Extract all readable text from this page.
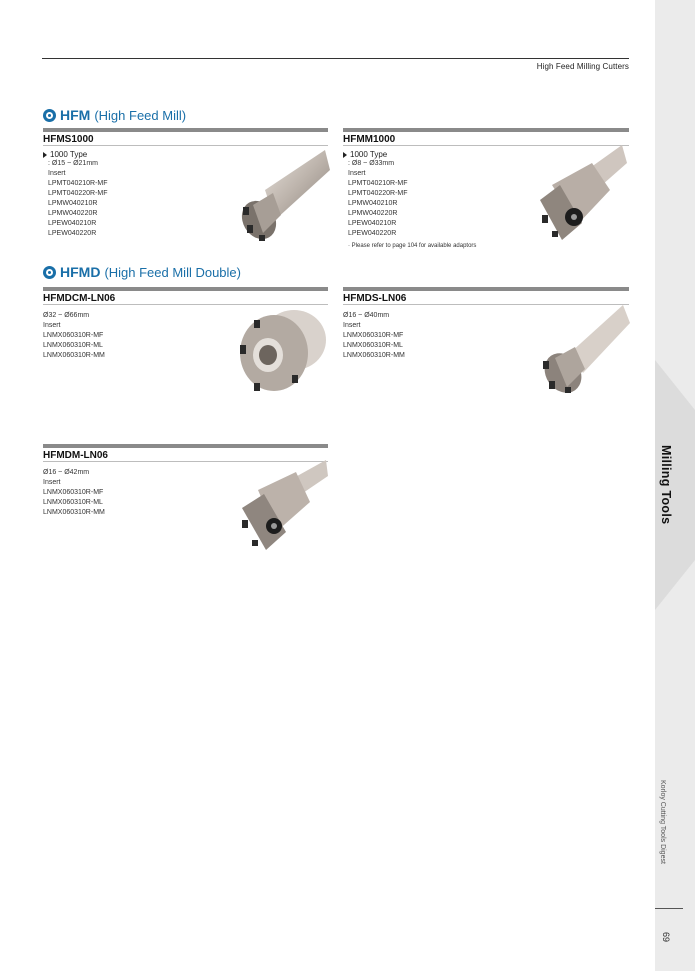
Milling Tools
Korloy Cutting Tools Digest
69
High Feed Milling Cutters
HFM (High Feed Mill)
HFMS1000
1000 Type
: Ø15 ~ Ø21mm
Insert
LPMT040210R-MF
LPMT040220R-MF
LPMW040210R
LPMW040220R
LPEW040210R
LPEW040220R
HFMM1000
1000 Type
: Ø8 ~ Ø33mm
Insert
LPMT040210R-MF
LPMT040220R-MF
LPMW040210R
LPMW040220R
LPEW040210R
LPEW040220R
· Please refer to page 104 for available adaptors
HFMD (High Feed Mill Double)
HFMDCM-LN06
Ø32 ~ Ø66mm
Insert
LNMX060310R-MF
LNMX060310R-ML
LNMX060310R-MM
HFMDS-LN06
Ø16 ~ Ø40mm
Insert
LNMX060310R-MF
LNMX060310R-ML
LNMX060310R-MM
HFMDM-LN06
Ø16 ~ Ø42mm
Insert
LNMX060310R-MF
LNMX060310R-ML
LNMX060310R-MM
